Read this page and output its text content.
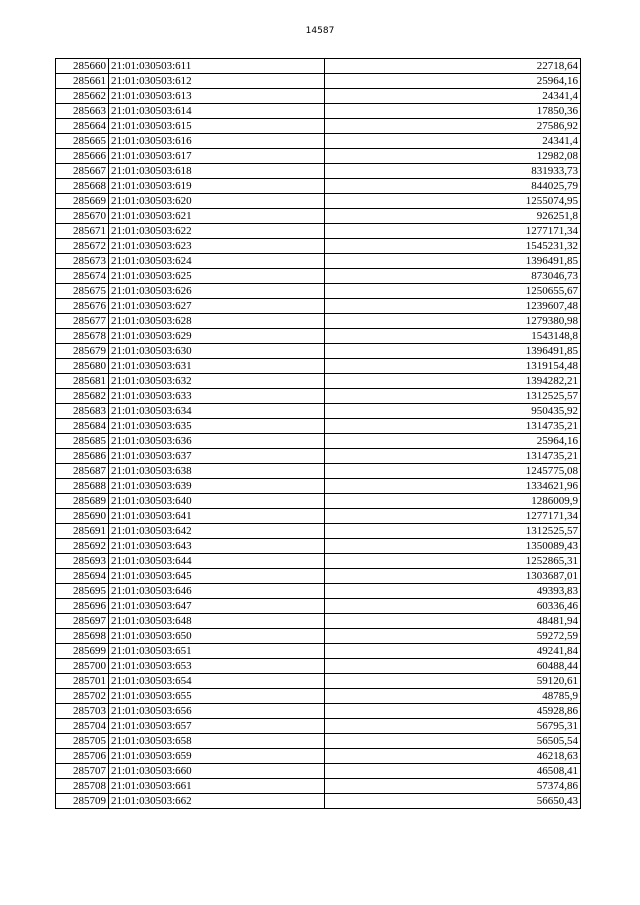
14587
285660	21:01:030503:611	22718,64
285661	21:01:030503:612	25964,16
285662	21:01:030503:613	24341,4
285663	21:01:030503:614	17850,36
285664	21:01:030503:615	27586,92
285665	21:01:030503:616	24341,4
285666	21:01:030503:617	12982,08
285667	21:01:030503:618	831933,73
285668	21:01:030503:619	844025,79
285669	21:01:030503:620	1255074,95
285670	21:01:030503:621	926251,8
285671	21:01:030503:622	1277171,34
285672	21:01:030503:623	1545231,32
285673	21:01:030503:624	1396491,85
285674	21:01:030503:625	873046,73
285675	21:01:030503:626	1250655,67
285676	21:01:030503:627	1239607,48
285677	21:01:030503:628	1279380,98
285678	21:01:030503:629	1543148,8
285679	21:01:030503:630	1396491,85
285680	21:01:030503:631	1319154,48
285681	21:01:030503:632	1394282,21
285682	21:01:030503:633	1312525,57
285683	21:01:030503:634	950435,92
285684	21:01:030503:635	1314735,21
285685	21:01:030503:636	25964,16
285686	21:01:030503:637	1314735,21
285687	21:01:030503:638	1245775,08
285688	21:01:030503:639	1334621,96
285689	21:01:030503:640	1286009,9
285690	21:01:030503:641	1277171,34
285691	21:01:030503:642	1312525,57
285692	21:01:030503:643	1350089,43
285693	21:01:030503:644	1252865,31
285694	21:01:030503:645	1303687,01
285695	21:01:030503:646	49393,83
285696	21:01:030503:647	60336,46
285697	21:01:030503:648	48481,94
285698	21:01:030503:650	59272,59
285699	21:01:030503:651	49241,84
285700	21:01:030503:653	60488,44
285701	21:01:030503:654	59120,61
285702	21:01:030503:655	48785,9
285703	21:01:030503:656	45928,86
285704	21:01:030503:657	56795,31
285705	21:01:030503:658	56505,54
285706	21:01:030503:659	46218,63
285707	21:01:030503:660	46508,41
285708	21:01:030503:661	57374,86
285709	21:01:030503:662	56650,43
